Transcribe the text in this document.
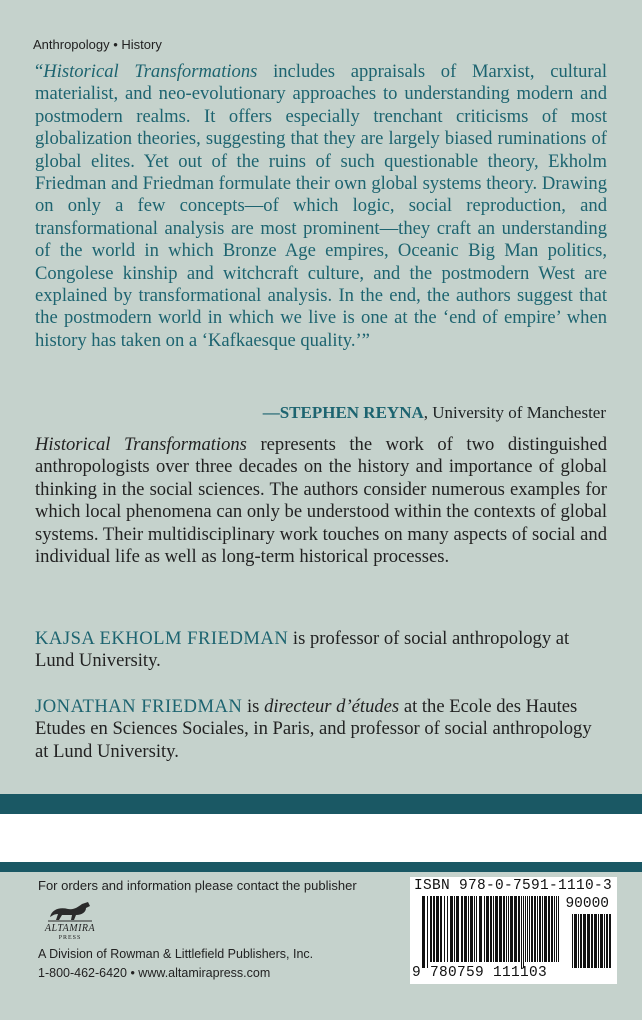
Anthropology • History

“Historical Transformations includes appraisals of Marxist, cultural materialist, and neo-evolutionary approaches to understanding modern and postmodern realms. It offers especially trenchant criticisms of most globalization theories, suggesting that they are largely biased ruminations of global elites. Yet out of the ruins of such questionable theory, Ekholm Friedman and Friedman formulate their own global systems theory. Drawing on only a few concepts—of which logic, social reproduction, and transformational analysis are most prominent—they craft an understanding of the world in which Bronze Age empires, Oceanic Big Man politics, Congolese kinship and witchcraft culture, and the postmodern West are explained by transformational analysis. In the end, the authors suggest that the postmodern world in which we live is one at the ‘end of empire’ when history has taken on a ‘Kafkaesque quality.’”

—STEPHEN REYNA, University of Manchester

Historical Transformations represents the work of two distinguished anthropologists over three decades on the history and importance of global thinking in the social sciences. The authors consider numerous examples for which local phenomena can only be understood within the contexts of global systems. Their multidisciplinary work touches on many aspects of social and individual life as well as long-term historical processes.

KAJSA EKHOLM FRIEDMAN is professor of social anthropology at Lund University.

JONATHAN FRIEDMAN is directeur d’études at the Ecole des Hautes Etudes en Sciences Sociales, in Paris, and professor of social anthropology at Lund University.

For orders and information please contact the publisher
ALTAMIRA
PRESS
A Division of Rowman & Littlefield Publishers, Inc.
1-800-462-6420 • www.altamirapress.com
ISBN 978-0-7591-1110-3
90000
9 780759 111103
